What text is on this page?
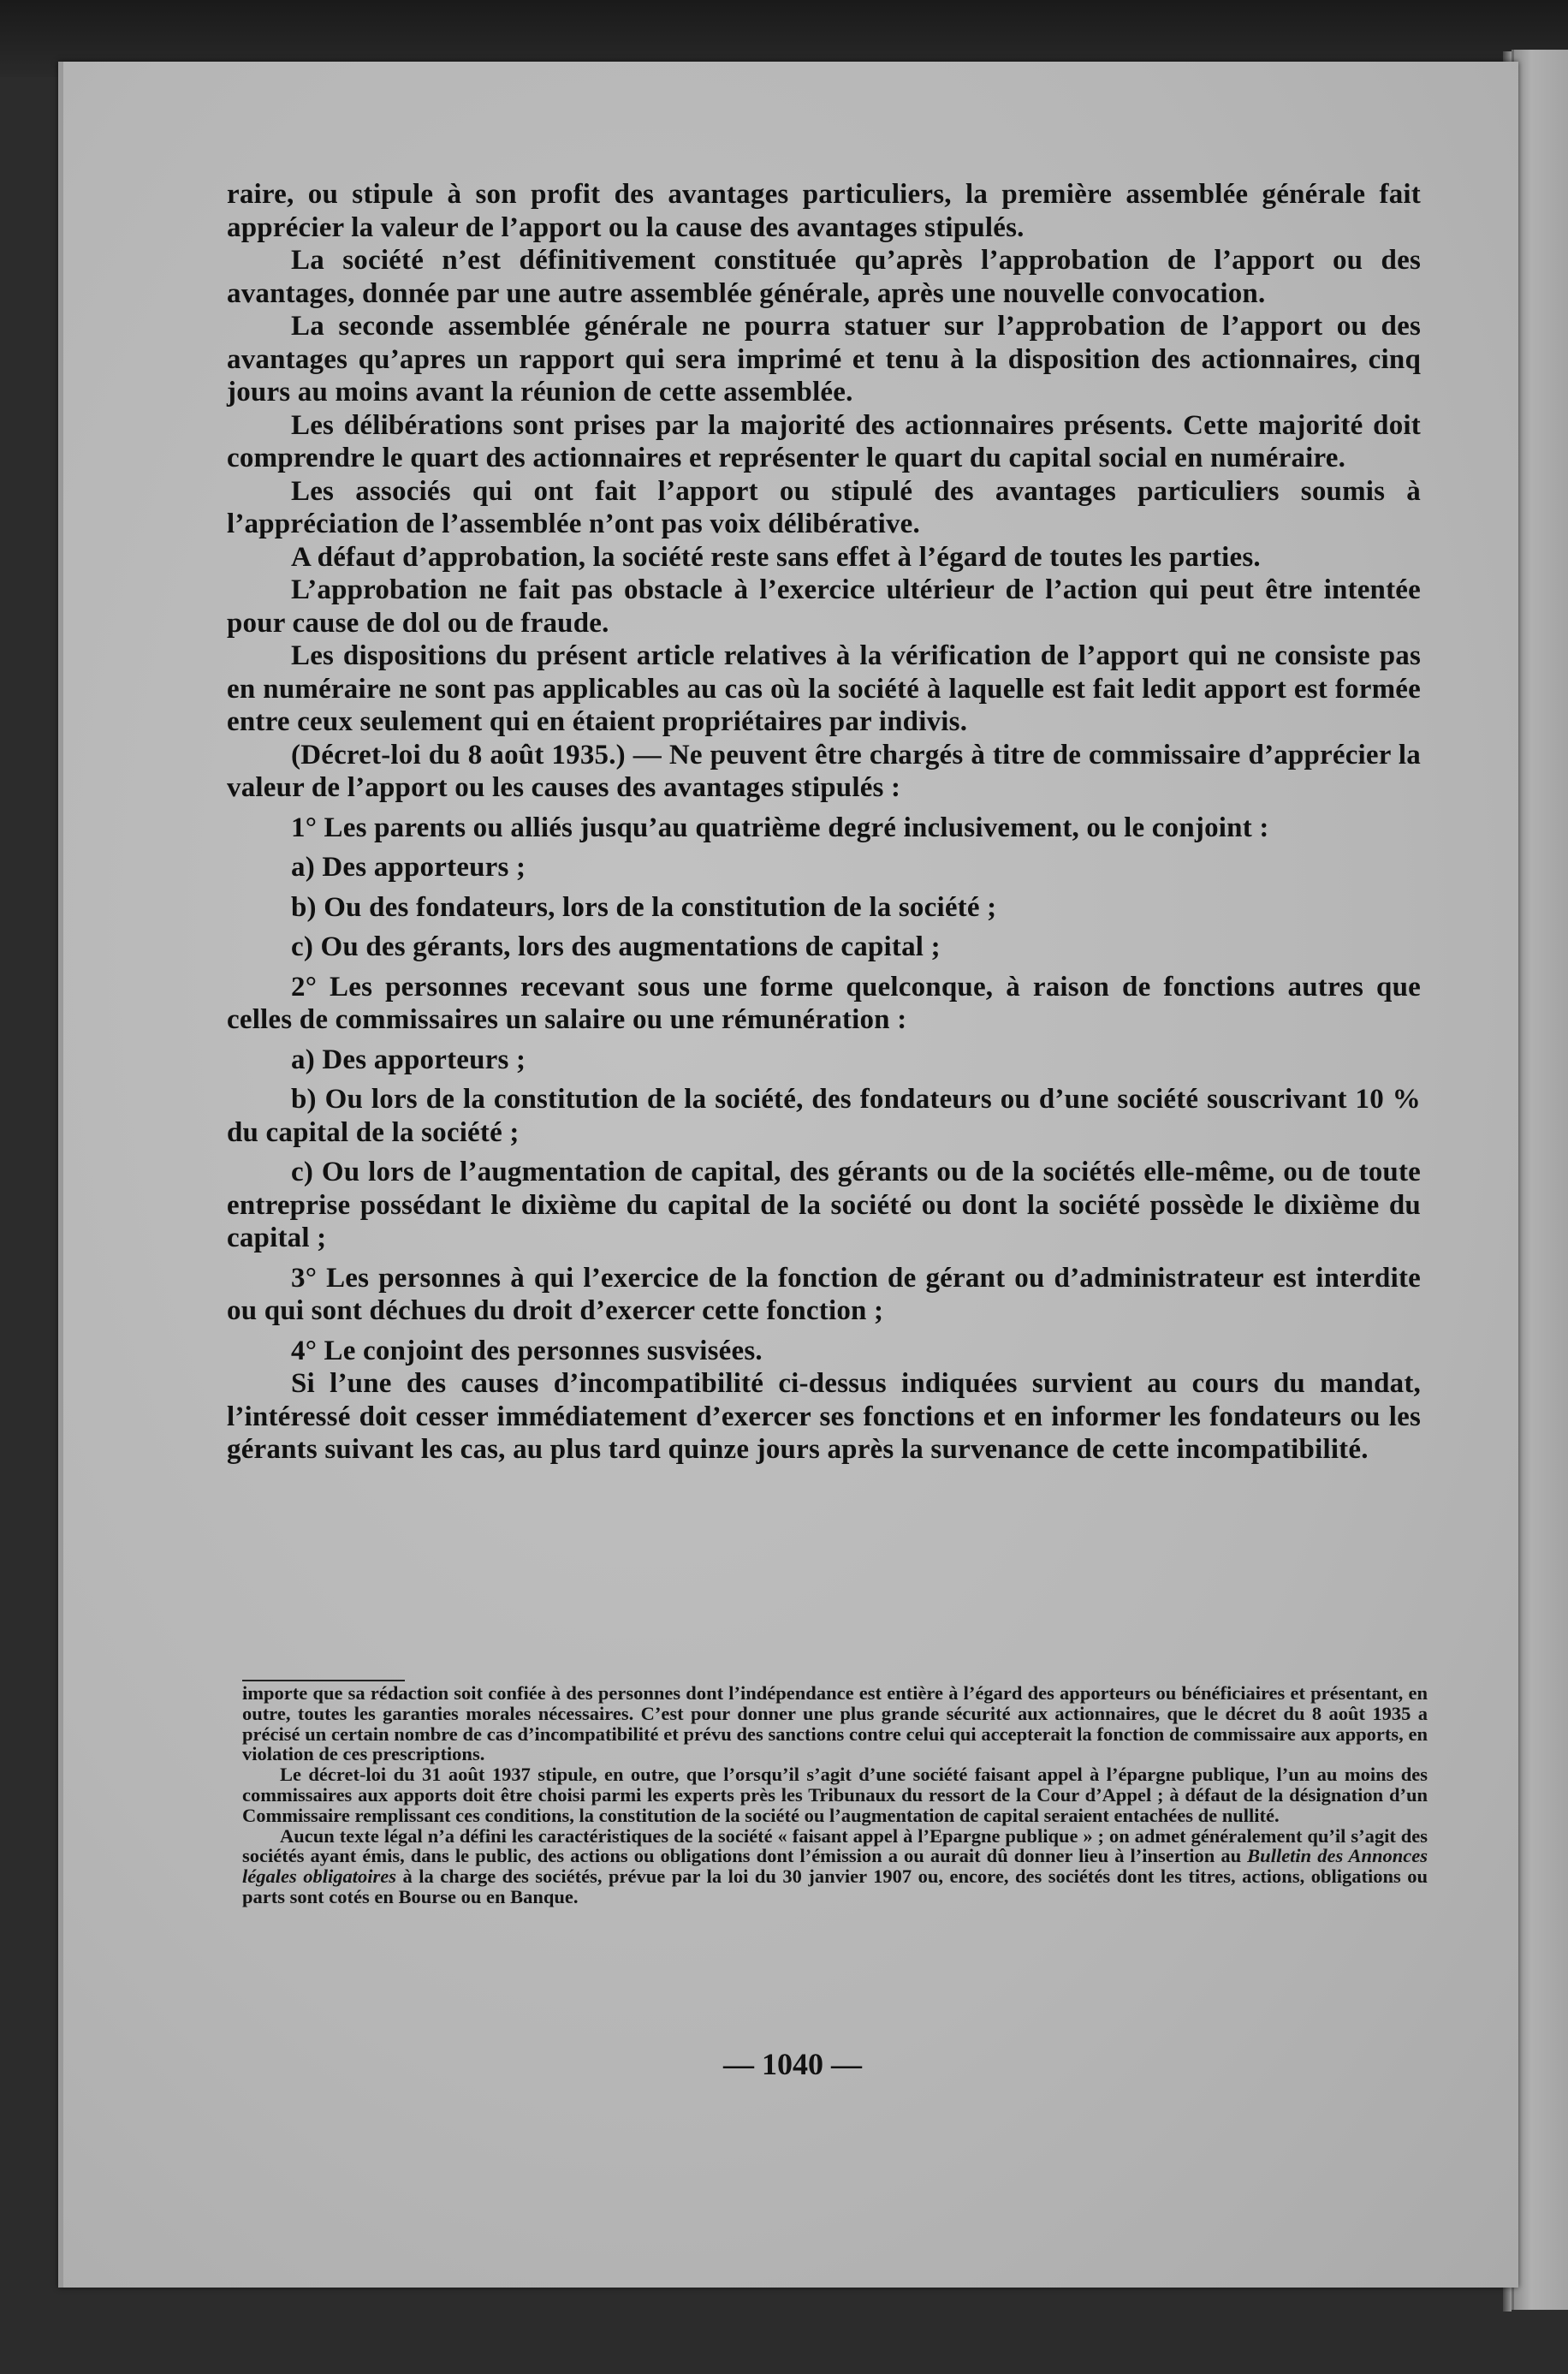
raire, ou stipule à son profit des avantages particuliers, la première assemblée générale fait apprécier la valeur de l’apport ou la cause des avantages stipulés.

La société n’est définitivement constituée qu’après l’approbation de l’apport ou des avantages, donnée par une autre assemblée générale, après une nouvelle convocation.

La seconde assemblée générale ne pourra statuer sur l’approbation de l’apport ou des avantages qu’apres un rapport qui sera imprimé et tenu à la disposition des actionnaires, cinq jours au moins avant la réunion de cette assemblée.

Les délibérations sont prises par la majorité des actionnaires présents. Cette majorité doit comprendre le quart des actionnaires et représenter le quart du capital social en numéraire.

Les associés qui ont fait l’apport ou stipulé des avantages particuliers soumis à l’appréciation de l’assemblée n’ont pas voix délibérative.

A défaut d’approbation, la société reste sans effet à l’égard de toutes les parties.

L’approbation ne fait pas obstacle à l’exercice ultérieur de l’action qui peut être intentée pour cause de dol ou de fraude.

Les dispositions du présent article relatives à la vérification de l’apport qui ne consiste pas en numéraire ne sont pas applicables au cas où la société à laquelle est fait ledit apport est formée entre ceux seulement qui en étaient propriétaires par indivis.

(Décret-loi du 8 août 1935.) — Ne peuvent être chargés à titre de commissaire d’apprécier la valeur de l’apport ou les causes des avantages stipulés :

1° Les parents ou alliés jusqu’au quatrième degré inclusivement, ou le conjoint :

a) Des apporteurs ;

b) Ou des fondateurs, lors de la constitution de la société ;

c) Ou des gérants, lors des augmentations de capital ;

2° Les personnes recevant sous une forme quelconque, à raison de fonctions autres que celles de commissaires un salaire ou une rémunération :

a) Des apporteurs ;

b) Ou lors de la constitution de la société, des fondateurs ou d’une société souscrivant 10 % du capital de la société ;

c) Ou lors de l’augmentation de capital, des gérants ou de la sociétés elle-même, ou de toute entreprise possédant le dixième du capital de la société ou dont la société possède le dixième du capital ;

3° Les personnes à qui l’exercice de la fonction de gérant ou d’administrateur est interdite ou qui sont déchues du droit d’exercer cette fonction ;

4° Le conjoint des personnes susvisées.

Si l’une des causes d’incompatibilité ci-dessus indiquées survient au cours du mandat, l’intéressé doit cesser immédiatement d’exercer ses fonctions et en informer les fondateurs ou les gérants suivant les cas, au plus tard quinze jours après la survenance de cette incompatibilité.

importe que sa rédaction soit confiée à des personnes dont l’indépendance est entière à l’égard des apporteurs ou bénéficiaires et présentant, en outre, toutes les garanties morales nécessaires. C’est pour donner une plus grande sécurité aux actionnaires, que le décret du 8 août 1935 a précisé un certain nombre de cas d’incompatibilité et prévu des sanctions contre celui qui accepterait la fonction de commissaire aux apports, en violation de ces prescriptions.

Le décret-loi du 31 août 1937 stipule, en outre, que l’orsqu’il s’agit d’une société faisant appel à l’épargne publique, l’un au moins des commissaires aux apports doit être choisi parmi les experts près les Tribunaux du ressort de la Cour d’Appel ; à défaut de la désignation d’un Commissaire remplissant ces conditions, la constitution de la société ou l’augmentation de capital seraient entachées de nullité.

Aucun texte légal n’a défini les caractéristiques de la société « faisant appel à l’Epargne publique » ; on admet généralement qu’il s’agit des sociétés ayant émis, dans le public, des actions ou obligations dont l’émission a ou aurait dû donner lieu à l’insertion au Bulletin des Annonces légales obligatoires à la charge des sociétés, prévue par la loi du 30 janvier 1907 ou, encore, des sociétés dont les titres, actions, obligations ou parts sont cotés en Bourse ou en Banque.

— 1040 —
